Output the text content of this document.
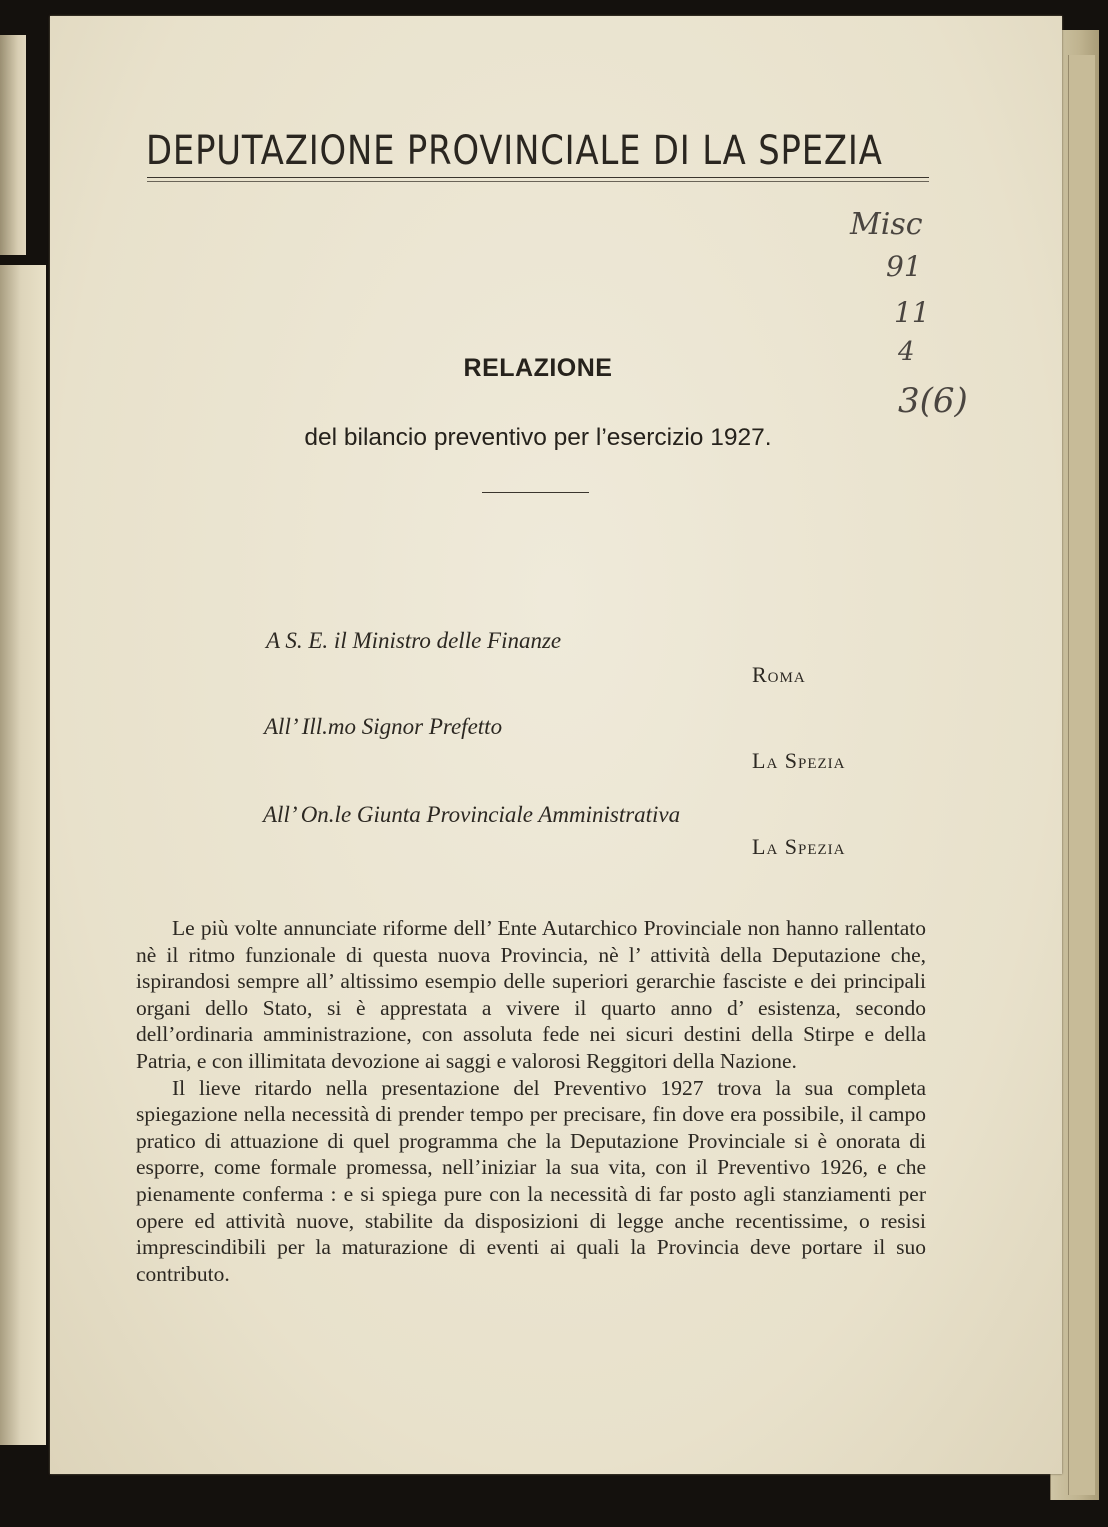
DEPUTAZIONE PROVINCIALE DI LA SPEZIA
Misc
91
11
4
3(6)
RELAZIONE

del bilancio preventivo per l’esercizio 1927.

A S. E. il Ministro delle Finanze
Roma
All’ Ill.mo Signor Prefetto
La Spezia
All’ On.le Giunta Provinciale Amministrativa
La Spezia

Le più volte annunciate riforme dell’ Ente Autarchico Provinciale non hanno rallentato nè il ritmo funzionale di questa nuova Provincia, nè l’ attività della Deputazione che, ispirandosi sempre all’ altissimo esempio delle superiori gerarchie fasciste e dei principali organi dello Stato, si è apprestata a vivere il quarto anno d’ esistenza, secondo dell’ordinaria amministrazione, con assoluta fede nei sicuri destini della Stirpe e della Patria, e con illimitata devozione ai saggi e valorosi Reggitori della Nazione.

Il lieve ritardo nella presentazione del Preventivo 1927 trova la sua completa spiegazione nella necessità di prender tempo per precisare, fin dove era possibile, il campo pratico di attuazione di quel programma che la Deputazione Provinciale si è onorata di esporre, come formale promessa, nell’iniziar la sua vita, con il Preventivo 1926, e che pienamente conferma : e si spiega pure con la necessità di far posto agli stanziamenti per opere ed attività nuove, stabilite da disposizioni di legge anche recentissime, o resisi imprescindibili per la maturazione di eventi ai quali la Provincia deve portare il suo contributo.
